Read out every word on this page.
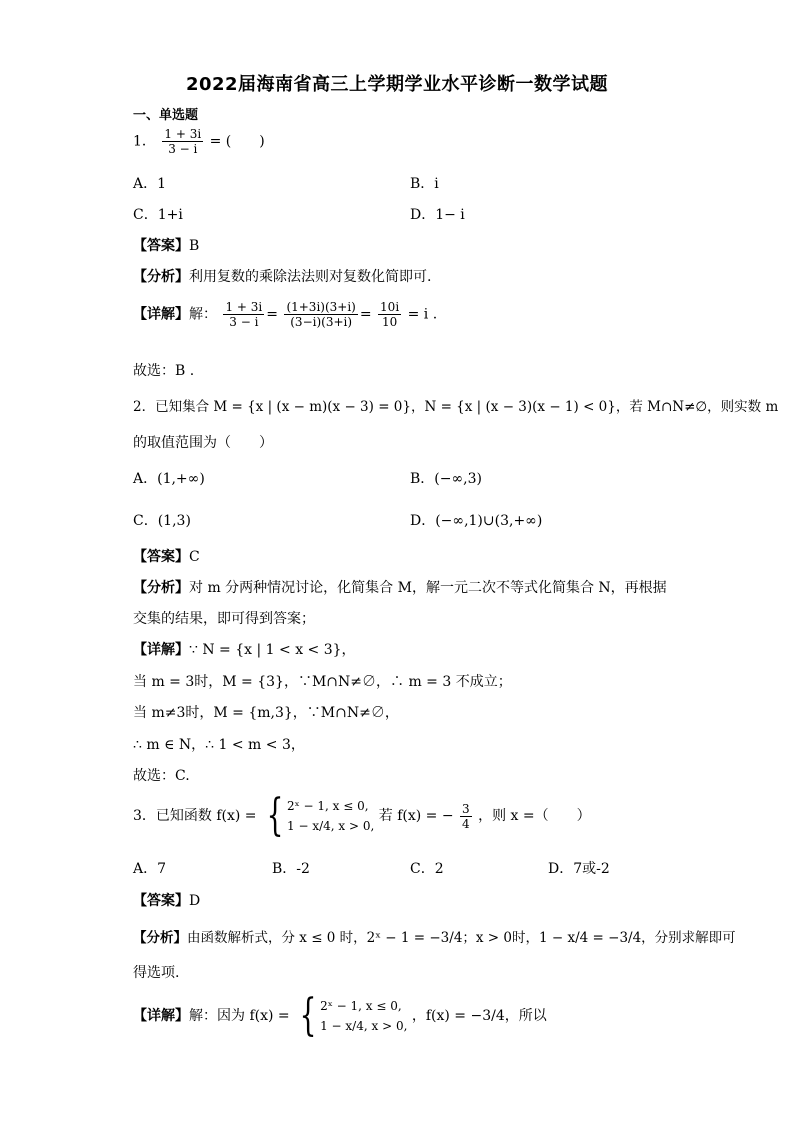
2022届海南省高三上学期学业水平诊断一数学试题
一、单选题
1． $\frac{1 + 3i}{3 - i}$ = (　　)
A．1	B．i
C．1+i	D．1− i
【答案】B
【分析】利用复数的乘除法法则对复数化简即可.
【详解】解： $\frac{1 + 3i}{3 - i} = \frac{(1+3i)(3+i)}{(3-i)(3+i)} = \frac{10i}{10} = i$ .
故选：B .
2．已知集合 M = {x | (x − m)(x − 3) = 0}，N = {x | (x − 3)(x − 1) < 0}，若 M∩N≠∅，则实数 m
的取值范围为（　　）
A．(1,+∞)	B．(−∞,3)
C．(1,3)	D．(−∞,1)∪(3,+∞)
【答案】C
【分析】对 m 分两种情况讨论，化简集合 M，解一元二次不等式化简集合 N，再根据
交集的结果，即可得到答案；
【详解】∵ N = {x | 1 < x < 3}，
当 m = 3时，M = {3}，∵M∩N≠∅，∴ m = 3 不成立；
当 m≠3时，M = {m,3}，∵M∩N≠∅，
∴ m ∈ N，∴ 1 < m < 3，
故选：C.
3．已知函数 f(x) = { 2ˣ − 1, x ≤ 0,
1 − x/4, x > 0,
若 f(x) = − $\frac{3}{4}$ ，则 x =（　　）
A．7	B．-2	C．2	D．7或-2
【答案】D
【分析】由函数解析式，分 x ≤ 0 时，2ˣ − 1 = −3/4；x > 0时，1 − x/4 = −3/4，分别求解即可
得选项.
【详解】解：因为 f(x) = { 2ˣ − 1, x ≤ 0,
1 − x/4, x > 0,
，f(x) = −3/4，所以
